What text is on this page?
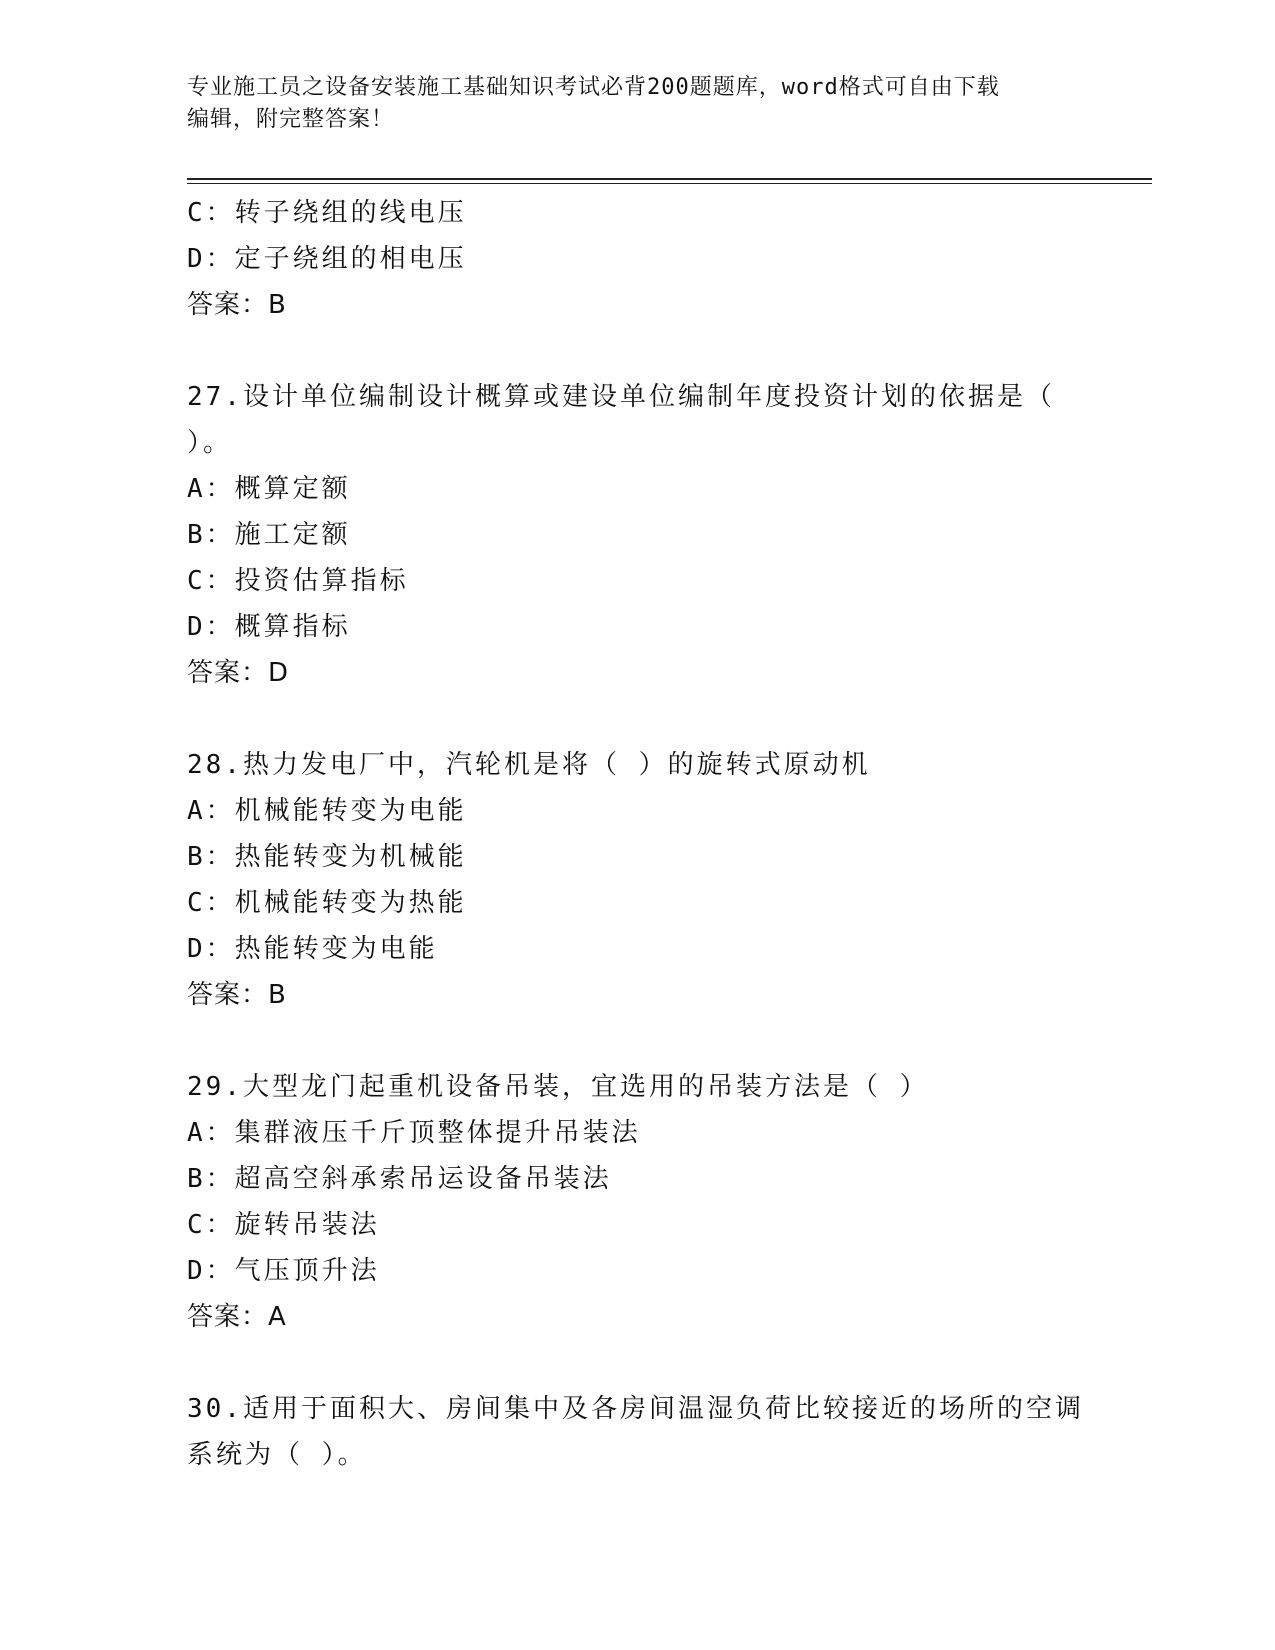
专业施工员之设备安装施工基础知识考试必背200题题库，word格式可自由下载
编辑，附完整答案！
C：转子绕组的线电压
D：定子绕组的相电压
答案：B
27.设计单位编制设计概算或建设单位编制年度投资计划的依据是（
）。
A：概算定额
B：施工定额
C：投资估算指标
D：概算指标
答案：D
28.热力发电厂中，汽轮机是将（ ）的旋转式原动机
A：机械能转变为电能
B：热能转变为机械能
C：机械能转变为热能
D：热能转变为电能
答案：B
29.大型龙门起重机设备吊装，宜选用的吊装方法是（ ）
A：集群液压千斤顶整体提升吊装法
B：超高空斜承索吊运设备吊装法
C：旋转吊装法
D：气压顶升法
答案：A
30.适用于面积大、房间集中及各房间温湿负荷比较接近的场所的空调
系统为（ ）。
